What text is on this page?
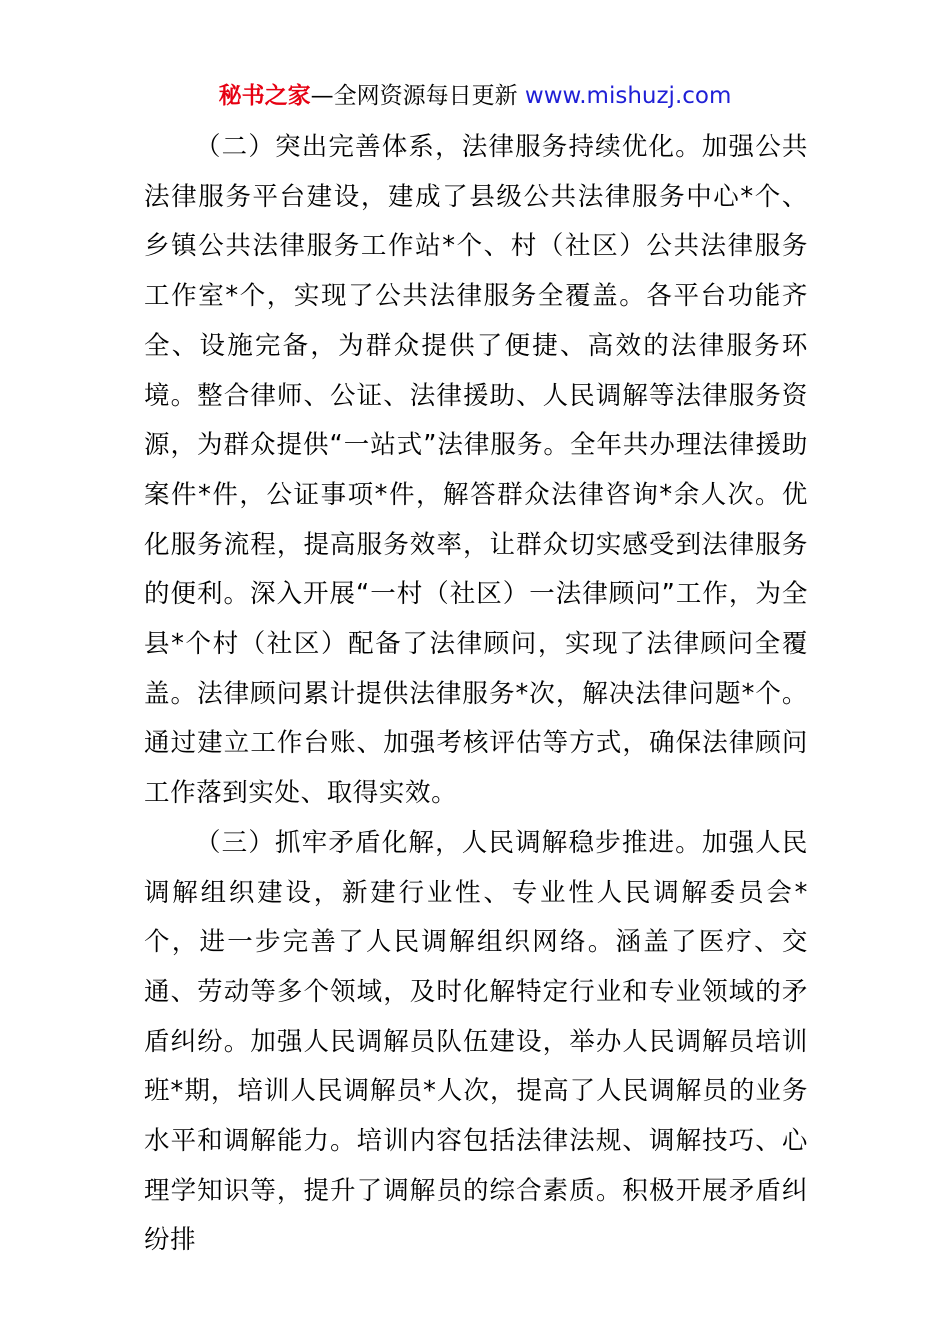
秘书之家—全网资源每日更新 www.mishuzj.com

（二）突出完善体系，法律服务持续优化。加强公共法律服务平台建设，建成了县级公共法律服务中心*个、乡镇公共法律服务工作站*个、村（社区）公共法律服务工作室*个，实现了公共法律服务全覆盖。各平台功能齐全、设施完备，为群众提供了便捷、高效的法律服务环境。整合律师、公证、法律援助、人民调解等法律服务资源，为群众提供“一站式”法律服务。全年共办理法律援助案件*件，公证事项*件，解答群众法律咨询*余人次。优化服务流程，提高服务效率，让群众切实感受到法律服务的便利。深入开展“一村（社区）一法律顾问”工作，为全县*个村（社区）配备了法律顾问，实现了法律顾问全覆盖。法律顾问累计提供法律服务*次，解决法律问题*个。通过建立工作台账、加强考核评估等方式，确保法律顾问工作落到实处、取得实效。

（三）抓牢矛盾化解，人民调解稳步推进。加强人民调解组织建设，新建行业性、专业性人民调解委员会*个，进一步完善了人民调解组织网络。涵盖了医疗、交通、劳动等多个领域，及时化解特定行业和专业领域的矛盾纠纷。加强人民调解员队伍建设，举办人民调解员培训班*期，培训人民调解员*人次，提高了人民调解员的业务水平和调解能力。培训内容包括法律法规、调解技巧、心理学知识等，提升了调解员的综合素质。积极开展矛盾纠纷排
